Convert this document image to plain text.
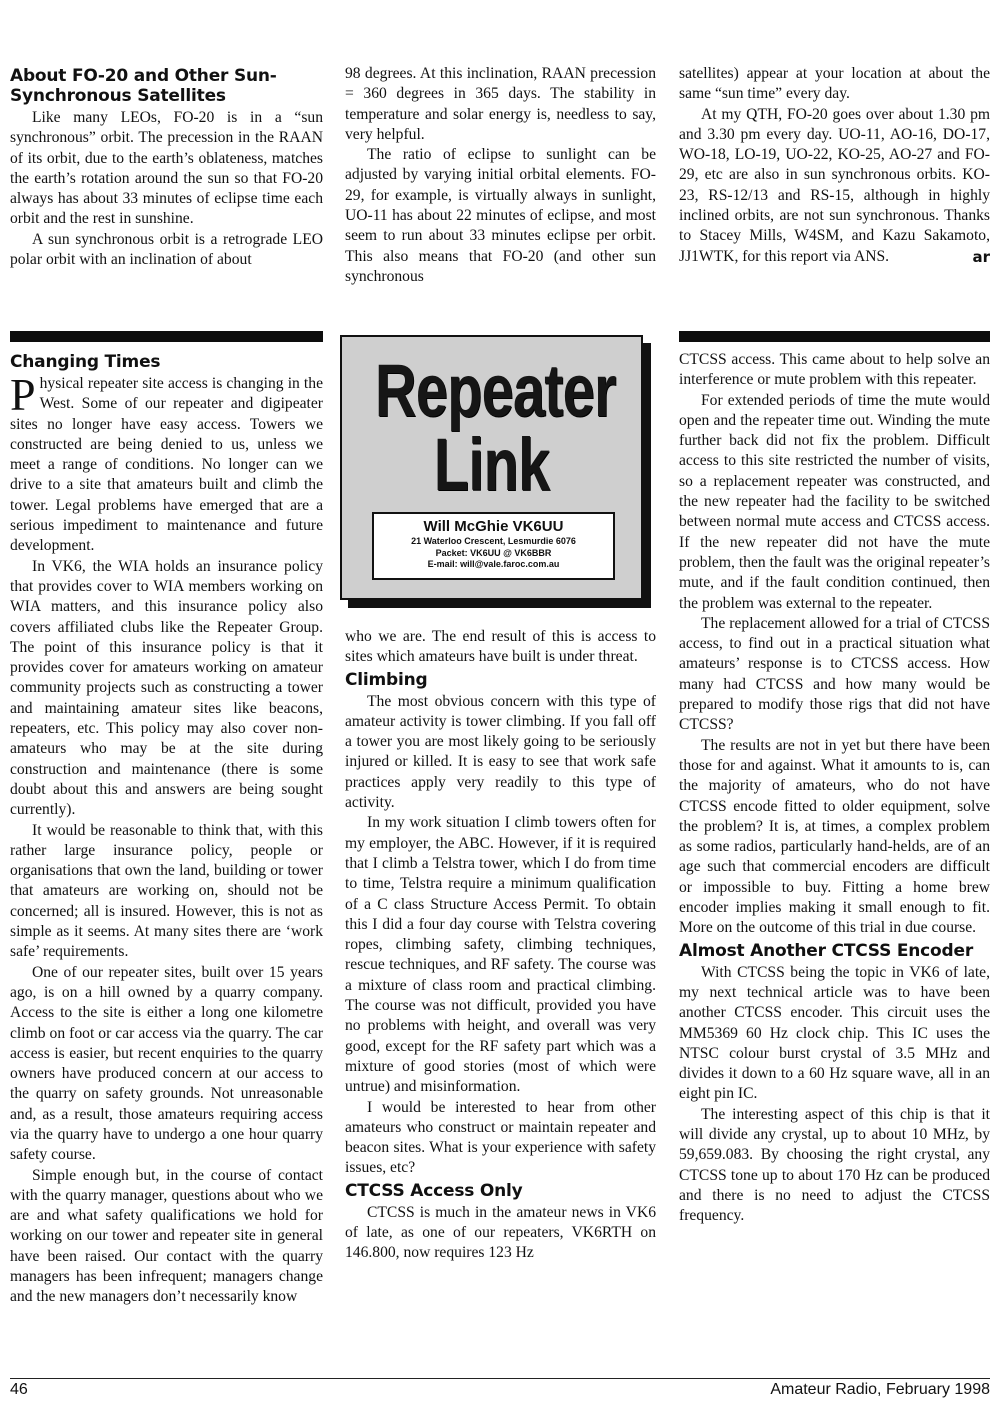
About FO-20 and Other Sun-Synchronous Satellites

Like many LEOs, FO-20 is in a “sun synchronous” orbit. The precession in the RAAN of its orbit, due to the earth’s oblateness, matches the earth’s rotation around the sun so that FO-20 always has about 33 minutes of eclipse time each orbit and the rest in sunshine.

A sun synchronous orbit is a retrograde LEO polar orbit with an inclination of about

98 degrees. At this inclination, RAAN precession = 360 degrees in 365 days. The stability in temperature and solar energy is, needless to say, very helpful.

The ratio of eclipse to sunlight can be adjusted by varying initial orbital elements. FO-29, for example, is virtually always in sunlight, UO-11 has about 22 minutes of eclipse, and most seem to run about 33 minutes eclipse per orbit. This also means that FO-20 (and other sun synchronous

satellites) appear at your location at about the same “sun time” every day.

At my QTH, FO-20 goes over about 1.30 pm and 3.30 pm every day. UO-11, AO-16, DO-17, WO-18, LO-19, UO-22, KO-25, AO-27 and FO-29, etc are also in sun synchronous orbits. KO-23, RS-12/13 and RS-15, although in highly inclined orbits, are not sun synchronous. Thanks to Stacey Mills, W4SM, and Kazu Sakamoto, JJ1WTK, for this report via ANS.	ar

Repeater
Link
Will McGhie VK6UU
21 Waterloo Crescent, Lesmurdie 6076
Packet: VK6UU @ VK6BBR
E-mail: will@vale.faroc.com.au
Changing Times

Physical repeater site access is changing in the West. Some of our repeater and digipeater sites no longer have easy access. Towers we constructed are being denied to us, unless we meet a range of conditions. No longer can we drive to a site that amateurs built and climb the tower. Legal problems have emerged that are a serious impediment to maintenance and future development.

In VK6, the WIA holds an insurance policy that provides cover to WIA members working on WIA matters, and this insurance policy also covers affiliated clubs like the Repeater Group. The point of this insurance policy is that it provides cover for amateurs working on amateur community projects such as constructing a tower and maintaining amateur sites like beacons, repeaters, etc. This policy may also cover non-amateurs who may be at the site during construction and maintenance (there is some doubt about this and answers are being sought currently).

It would be reasonable to think that, with this rather large insurance policy, people or organisations that own the land, building or tower that amateurs are working on, should not be concerned; all is insured. However, this is not as simple as it seems. At many sites there are ‘work safe’ requirements.

One of our repeater sites, built over 15 years ago, is on a hill owned by a quarry company. Access to the site is either a long one kilometre climb on foot or car access via the quarry. The car access is easier, but recent enquiries to the quarry owners have produced concern at our access to the quarry on safety grounds. Not unreasonable and, as a result, those amateurs requiring access via the quarry have to undergo a one hour quarry safety course.

Simple enough but, in the course of contact with the quarry manager, questions about who we are and what safety qualifications we hold for working on our tower and repeater site in general have been raised. Our contact with the quarry managers has been infrequent; managers change and the new managers don’t necessarily know

who we are. The end result of this is access to sites which amateurs have built is under threat.

Climbing

The most obvious concern with this type of amateur activity is tower climbing. If you fall off a tower you are most likely going to be seriously injured or killed. It is easy to see that work safe practices apply very readily to this type of activity.

In my work situation I climb towers often for my employer, the ABC. However, if it is required that I climb a Telstra tower, which I do from time to time, Telstra require a minimum qualification of a C class Structure Access Permit. To obtain this I did a four day course with Telstra covering ropes, climbing safety, climbing techniques, rescue techniques, and RF safety. The course was a mixture of class room and practical climbing. The course was not difficult, provided you have no problems with height, and overall was very good, except for the RF safety part which was a mixture of good stories (most of which were untrue) and misinformation.

I would be interested to hear from other amateurs who construct or maintain repeater and beacon sites. What is your experience with safety issues, etc?

CTCSS Access Only

CTCSS is much in the amateur news in VK6 of late, as one of our repeaters, VK6RTH on 146.800, now requires 123 Hz

CTCSS access. This came about to help solve an interference or mute problem with this repeater.

For extended periods of time the mute would open and the repeater time out. Winding the mute further back did not fix the problem. Difficult access to this site restricted the number of visits, so a replacement repeater was constructed, and the new repeater had the facility to be switched between normal mute access and CTCSS access. If the new repeater did not have the mute problem, then the fault was the original repeater’s mute, and if the fault condition continued, then the problem was external to the repeater.

The replacement allowed for a trial of CTCSS access, to find out in a practical situation what amateurs’ response is to CTCSS access. How many had CTCSS and how many would be prepared to modify those rigs that did not have CTCSS?

The results are not in yet but there have been those for and against. What it amounts to is, can the majority of amateurs, who do not have CTCSS encode fitted to older equipment, solve the problem? It is, at times, a complex problem as some radios, particularly hand-helds, are of an age such that commercial encoders are difficult or impossible to buy. Fitting a home brew encoder implies making it small enough to fit. More on the outcome of this trial in due course.

Almost Another CTCSS Encoder

With CTCSS being the topic in VK6 of late, my next technical article was to have been another CTCSS encoder. This circuit uses the MM5369 60 Hz clock chip. This IC uses the NTSC colour burst crystal of 3.5 MHz and divides it down to a 60 Hz square wave, all in an eight pin IC.

The interesting aspect of this chip is that it will divide any crystal, up to about 10 MHz, by 59,659.083. By choosing the right crystal, any CTCSS tone up to about 170 Hz can be produced and there is no need to adjust the CTCSS frequency.

46	Amateur Radio, February 1998
